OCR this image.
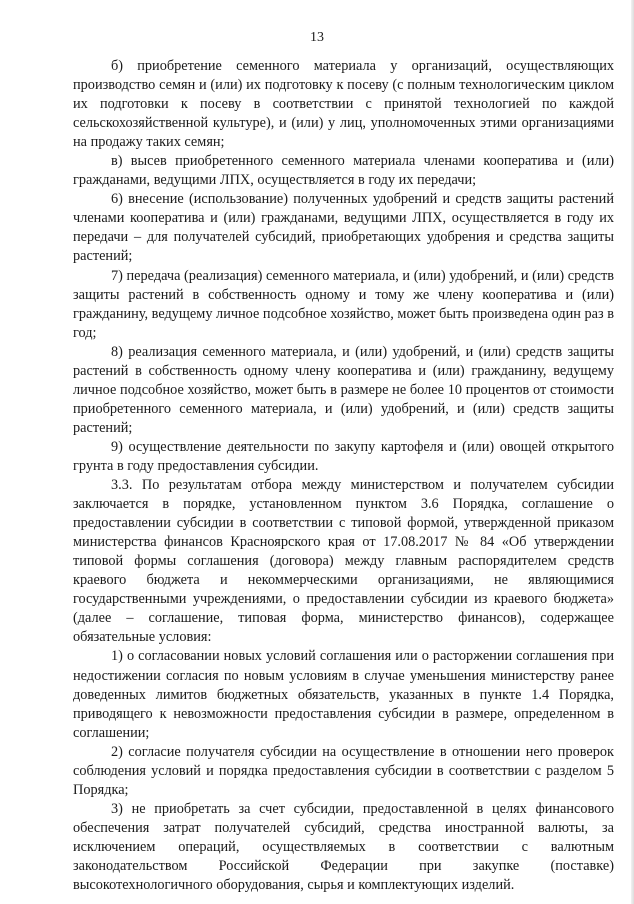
13

б) приобретение семенного материала у организаций, осуществляющих производство семян и (или) их подготовку к посеву (с полным технологическим циклом их подготовки к посеву в соответствии с принятой технологией по каждой сельскохозяйственной культуре), и (или) у лиц, уполномоченных этими организациями на продажу таких семян;

в) высев приобретенного семенного материала членами кооператива и (или) гражданами, ведущими ЛПХ, осуществляется в году их передачи;

6) внесение (использование) полученных удобрений и средств защиты растений членами кооператива и (или) гражданами, ведущими ЛПХ, осуществляется в году их передачи – для получателей субсидий, приобретающих удобрения и средства защиты растений;

7) передача (реализация) семенного материала, и (или) удобрений, и (или) средств защиты растений в собственность одному и тому же члену кооператива и (или) гражданину, ведущему личное подсобное хозяйство, может быть произведена один раз в год;

8) реализация семенного материала, и (или) удобрений, и (или) средств защиты растений в собственность одному члену кооператива и (или) гражданину, ведущему личное подсобное хозяйство, может быть в размере не более 10 процентов от стоимости приобретенного семенного материала, и (или) удобрений, и (или) средств защиты растений;

9) осуществление деятельности по закупу картофеля и (или) овощей открытого грунта в году предоставления субсидии.

3.3. По результатам отбора между министерством и получателем субсидии заключается в порядке, установленном пунктом 3.6 Порядка, соглашение о предоставлении субсидии в соответствии с типовой формой, утвержденной приказом министерства финансов Красноярского края от 17.08.2017 № 84 «Об утверждении типовой формы соглашения (договора) между главным распорядителем средств краевого бюджета и некоммерческими организациями, не являющимися государственными учреждениями, о предоставлении субсидии из краевого бюджета» (далее – соглашение, типовая форма, министерство финансов), содержащее обязательные условия:

1) о согласовании новых условий соглашения или о расторжении соглашения при недостижении согласия по новым условиям в случае уменьшения министерству ранее доведенных лимитов бюджетных обязательств, указанных в пункте 1.4 Порядка, приводящего к невозможности предоставления субсидии в размере, определенном в соглашении;

2) согласие получателя субсидии на осуществление в отношении него проверок соблюдения условий и порядка предоставления субсидии в соответствии с разделом 5 Порядка;

3) не приобретать за счет субсидии, предоставленной в целях финансового обеспечения затрат получателей субсидий, средства иностранной валюты, за исключением операций, осуществляемых в соответствии с валютным законодательством Российской Федерации при закупке (поставке) высокотехнологичного оборудования, сырья и комплектующих изделий.
